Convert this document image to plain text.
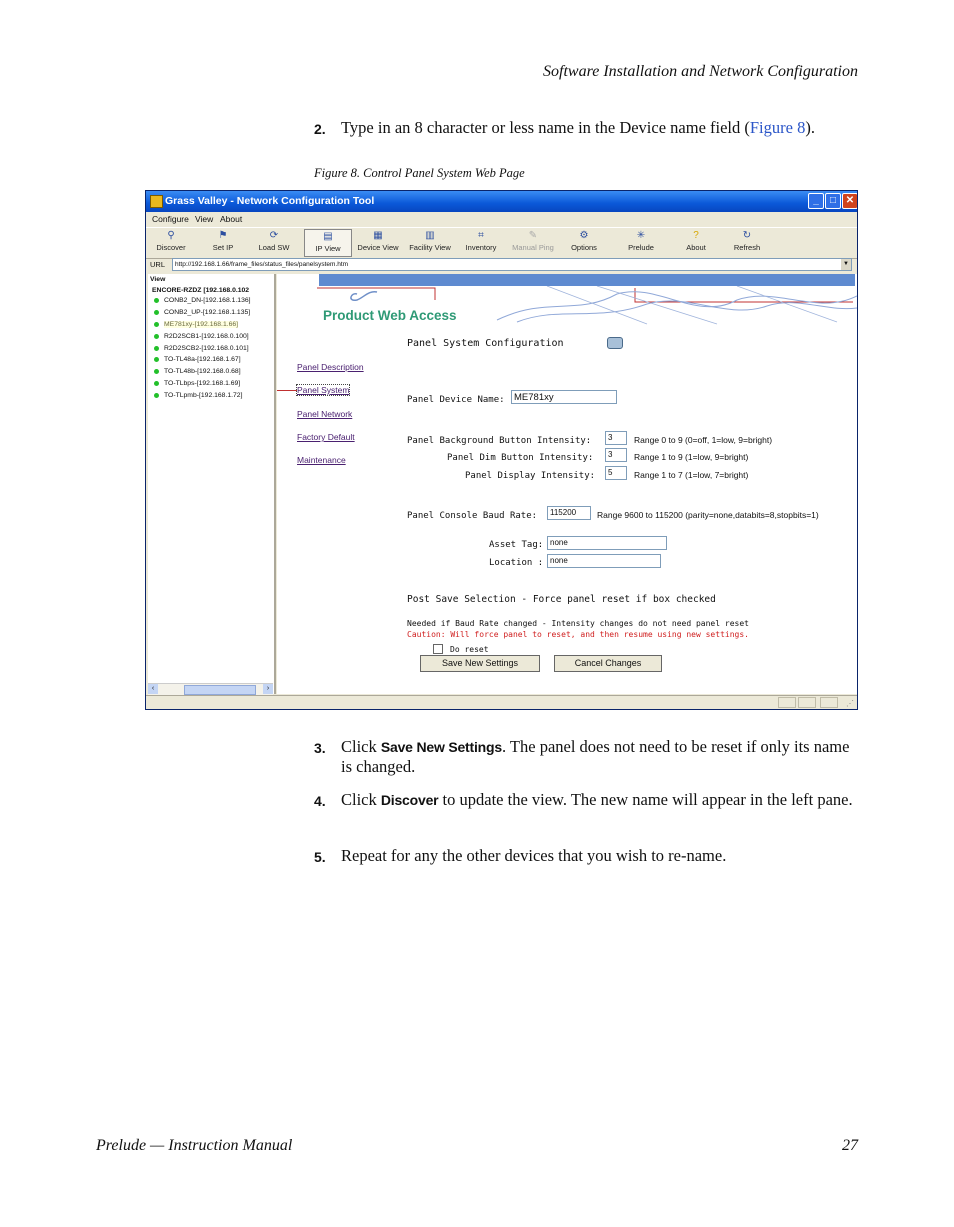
Software Installation and Network Configuration
2. Type in an 8 character or less name in the Device name field (Figure 8).
Figure 8. Control Panel System Web Page
Grass Valley - Network Configuration Tool	_	□ ✕
Configure View About
⚲
Discover
⚑
Set IP
⟳
Load SW
▤
IP View
▦
Device View
▥
Facility View
⌗
Inventory
✎
Manual Ping
⚙
Options
✳
Prelude
?
About
↻
Refresh
URL	http://192.168.1.66/frame_files/status_files/panelsystem.htm	▼
View
ENCORE-RZDZ [192.168.0.102
CONB2_DN-[192.168.1.136]
CONB2_UP-[192.168.1.135]
ME781xy-[192.168.1.66]
R2D2SCB1-[192.168.0.100]
R2D2SCB2-[192.168.0.101]
TO-TL48a-[192.168.1.67]
TO-TL48b-[192.168.0.68]
TO-TLbps-[192.168.1.69]
TO-TLpmb-[192.168.1.72]
‹	›
Product Web Access
Panel System Configuration
Panel Description
Panel System
Panel Network
Factory Default
Maintenance
Panel Device Name: ME781xy
Panel Background Button Intensity:	3	Range 0 to 9 (0=off, 1=low, 9=bright)
Panel Dim Button Intensity:	3	Range 1 to 9 (1=low, 9=bright)
Panel Display Intensity:	5	Range 1 to 7 (1=low, 7=bright)
Panel Console Baud Rate:	115200	Range 9600 to 115200 (parity=none,databits=8,stopbits=1)
Asset Tag: none
Location : none
Post Save Selection - Force panel reset if box checked
Needed if Baud Rate changed - Intensity changes do not need panel reset
Caution: Will force panel to reset, and then resume using new settings.
Do reset
Save New Settings	Cancel Changes
⋰
3. Click Save New Settings. The panel does not need to be reset if only its name is changed.
4. Click Discover to update the view. The new name will appear in the left pane.
5. Repeat for any the other devices that you wish to re-name.
Prelude — Instruction Manual	27
